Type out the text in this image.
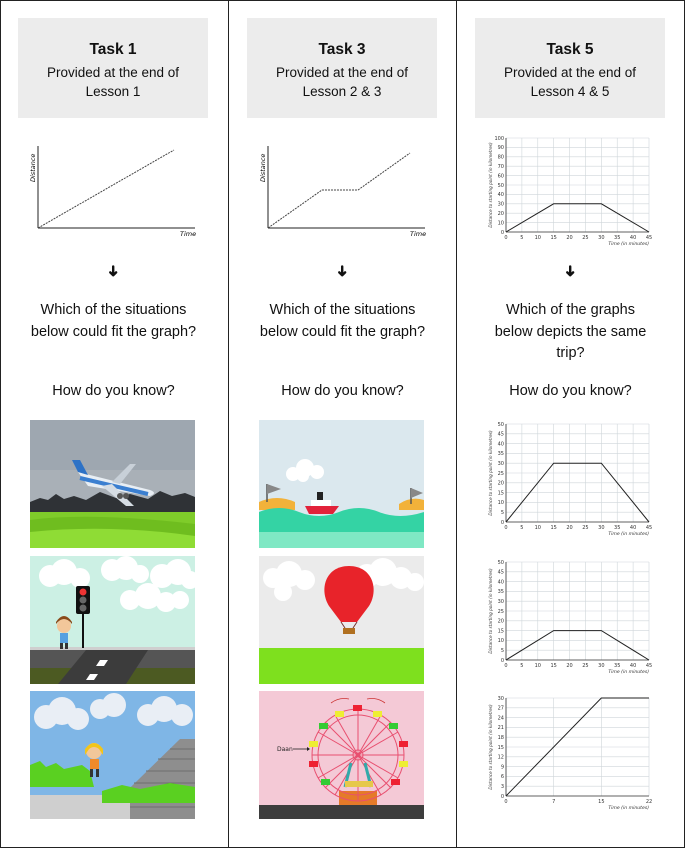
Task 1
Provided at the end of
Lesson 1
Distance
Time
➜
Which of the situations
below could fit the graph?
How do you know?
Task 3
Provided at the end of
Lesson 2 & 3
Distance
Time
➜
Which of the situations
below could fit the graph?
How do you know?
Daan
Task 5
Provided at the end of
Lesson 4 & 5
0	5 10 15 20 25 30 35 40 45
0
10
20
30
40
50
60
70
80
90
100
Time (in minutes)
Distance to starting point (in kilometres)
➜
Which of the graphs
below depicts the same
trip?
How do you know?
0	5 10 15 20 25 30 35 40 45
0
5
10
15
20
25
30
35
40
45
50
Time (in minutes)
Distance to starting point (in kilometres)
0	5 10 15 20 25 30 35 40 45
0
5
10
15
20
25
30
35
40
45
50
Time (in minutes)
Distance to starting point (in kilometres)
0	7	15	22
0
3
6
9
12
15
18
21
24
27
30
Time (in minutes)
Distance to starting point (in kilometres)
